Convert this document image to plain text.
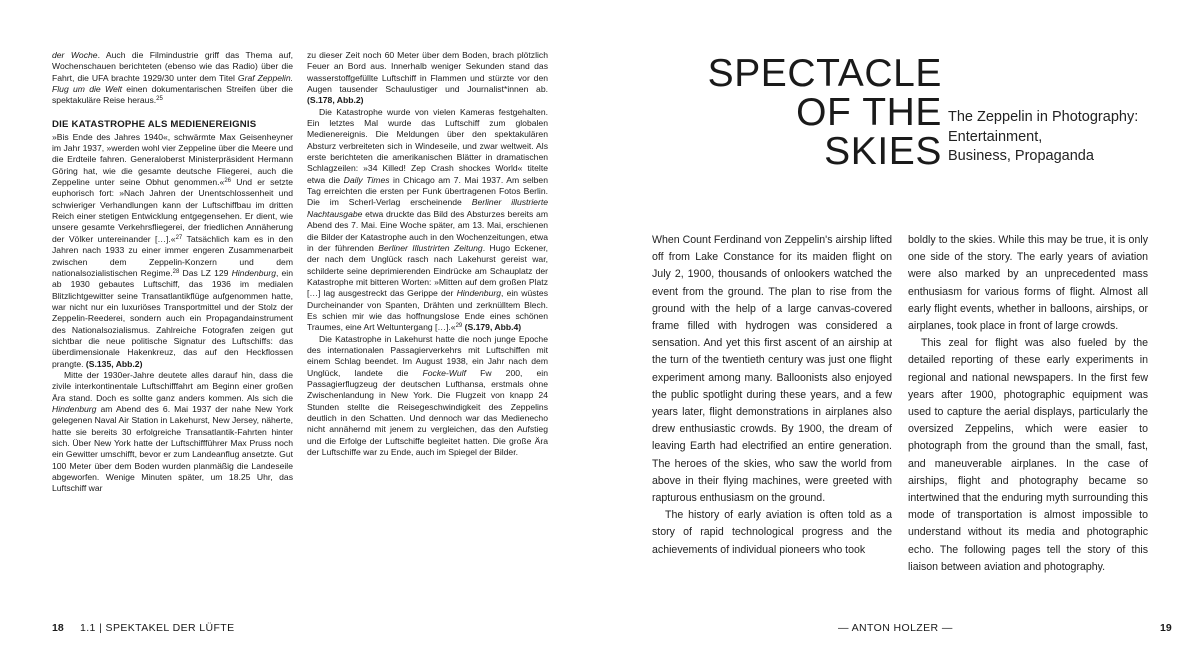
der Woche. Auch die Filmindustrie griff das Thema auf, Wochenschauen berichteten (ebenso wie das Radio) über die Fahrt, die UFA brachte 1929/30 unter dem Titel Graf Zeppelin. Flug um die Welt einen dokumentarischen Streifen über die spektakuläre Reise heraus.$^{25}$

DIE KATASTROPHE ALS MEDIENEREIGNIS

»Bis Ende des Jahres 1940«, schwärmte Max Geisenheyner im Jahr 1937, »werden wohl vier Zeppeline über die Meere und die Erdteile fahren. Generaloberst Ministerpräsident Hermann Göring hat, wie die gesamte deutsche Fliegerei, auch die Zeppeline unter seine Obhut genommen.«$^{26}$ Und er setzte euphorisch fort: »Nach Jahren der Unentschlossenheit und schwieriger Verhandlungen kann der Luftschiffbau im dritten Reich einer stetigen Entwicklung entgegensehen. Er dient, wie unsere gesamte Verkehrsfliegerei, der friedlichen Annäherung der Völker untereinander […].«$^{27}$ Tatsächlich kam es in den Jahren nach 1933 zu einer immer engeren Zusammenarbeit zwischen dem Zeppelin-Konzern und dem nationalsozialistischen Regime.$^{28}$ Das LZ 129 Hindenburg, ein ab 1930 gebautes Luftschiff, das 1936 im medialen Blitzlichtgewitter seine Transatlantikflüge aufgenommen hatte, war nicht nur ein luxuriöses Transportmittel und der Stolz der Zeppelin-Reederei, sondern auch ein Propagandainstrument des Nationalsozialismus. Zahlreiche Fotografen zeigen gut sichtbar die neue politische Signatur des Luftschiffs: das überdimensionale Hakenkreuz, das auf den Heckflossen prangte. (S.135, Abb.2)

Mitte der 1930er-Jahre deutete alles darauf hin, dass die zivile interkontinentale Luftschifffahrt am Beginn einer großen Ära stand. Doch es sollte ganz anders kommen. Als sich die Hindenburg am Abend des 6. Mai 1937 der nahe New York gelegenen Naval Air Station in Lakehurst, New Jersey, näherte, hatte sie bereits 30 erfolgreiche Transatlantik-Fahrten hinter sich. Über New York hatte der Luftschiffführer Max Pruss noch ein Gewitter umschifft, bevor er zum Landeanflug ansetzte. Gut 100 Meter über dem Boden wurden planmäßig die Landeseile abgeworfen. Wenige Minuten später, um 18.25 Uhr, das Luftschiff war

zu dieser Zeit noch 60 Meter über dem Boden, brach plötzlich Feuer an Bord aus. Innerhalb weniger Sekunden stand das wasserstoffgefüllte Luftschiff in Flammen und stürzte vor den Augen tausender Schaulustiger und Journalist*innen ab. (S.178, Abb.2)

Die Katastrophe wurde von vielen Kameras festgehalten. Ein letztes Mal wurde das Luftschiff zum globalen Medienereignis. Die Meldungen über den spektakulären Absturz verbreiteten sich in Windeseile, und zwar weltweit. Als erste berichteten die amerikanischen Blätter in dramatischen Schlagzeilen: »34 Killed! Zep Crash shockes World« titelte etwa die Daily Times in Chicago am 7. Mai 1937. Am selben Tag erreichten die ersten per Funk übertragenen Fotos Berlin. Die im Scherl-Verlag erscheinende Berliner illustrierte Nachtausgabe etwa druckte das Bild des Absturzes bereits am Abend des 7. Mai. Eine Woche später, am 13. Mai, erschienen die Bilder der Katastrophe auch in den Wochenzeitungen, etwa in der führenden Berliner Illustrirten Zeitung. Hugo Eckener, der nach dem Unglück rasch nach Lakehurst gereist war, schilderte seine deprimierenden Eindrücke am Schauplatz der Katastrophe mit bitteren Worten: »Mitten auf dem großen Platz […] lag ausgestreckt das Gerippe der Hindenburg, ein wüstes Durcheinander von Spanten, Drähten und zerknülltem Blech. Es schien mir wie das hoffnungslose Ende eines schönen Traumes, eine Art Weltuntergang […].«$^{29}$ (S.179, Abb.4)

Die Katastrophe in Lakehurst hatte die noch junge Epoche des internationalen Passagierverkehrs mit Luftschiffen mit einem Schlag beendet. Im August 1938, ein Jahr nach dem Unglück, landete die Focke-Wulf Fw 200, ein Passagierflugzeug der deutschen Lufthansa, erstmals ohne Zwischenlandung in New York. Die Flugzeit von knapp 24 Stunden stellte die Reisegeschwindigkeit des Zeppelins deutlich in den Schatten. Und dennoch war das Medienecho nicht annähernd mit jenem zu vergleichen, das den Aufstieg und die Erfolge der Luftschiffe begleitet hatten. Die große Ära der Luftschiffe war zu Ende, auch im Spiegel der Bilder.

18 1.1 | SPEKTAKEL DER LÜFTE
SPECTACLE
OF THE
SKIES
The Zeppelin in Photography:
Entertainment,
Business, Propaganda

When Count Ferdinand von Zeppelin's airship lifted off from Lake Constance for its maiden flight on July 2, 1900, thousands of onlookers watched the event from the ground. The plan to rise from the ground with the help of a large canvas-covered frame filled with hydrogen was considered a sensation. And yet this first ascent of an airship at the turn of the twentieth century was just one flight experiment among many. Balloonists also enjoyed the public spotlight during these years, and a few years later, flight demonstrations in airplanes also drew enthusiastic crowds. By 1900, the dream of leaving Earth had electrified an entire generation. The heroes of the skies, who saw the world from above in their flying machines, were greeted with rapturous enthusiasm on the ground.

The history of early aviation is often told as a story of rapid technological progress and the achievements of individual pioneers who took

boldly to the skies. While this may be true, it is only one side of the story. The early years of aviation were also marked by an unprecedented mass enthusiasm for various forms of flight. Almost all early flight events, whether in balloons, airships, or airplanes, took place in front of large crowds.

This zeal for flight was also fueled by the detailed reporting of these early experiments in regional and national newspapers. In the first few years after 1900, photographic equipment was used to capture the aerial displays, particularly the oversized Zeppelins, which were easier to photograph from the ground than the small, fast, and maneuverable airplanes. In the case of airships, flight and photography became so intertwined that the enduring myth surrounding this mode of transportation is almost impossible to understand without its media and photographic echo. The following pages tell the story of this liaison between aviation and photography.

— ANTON HOLZER —	19
